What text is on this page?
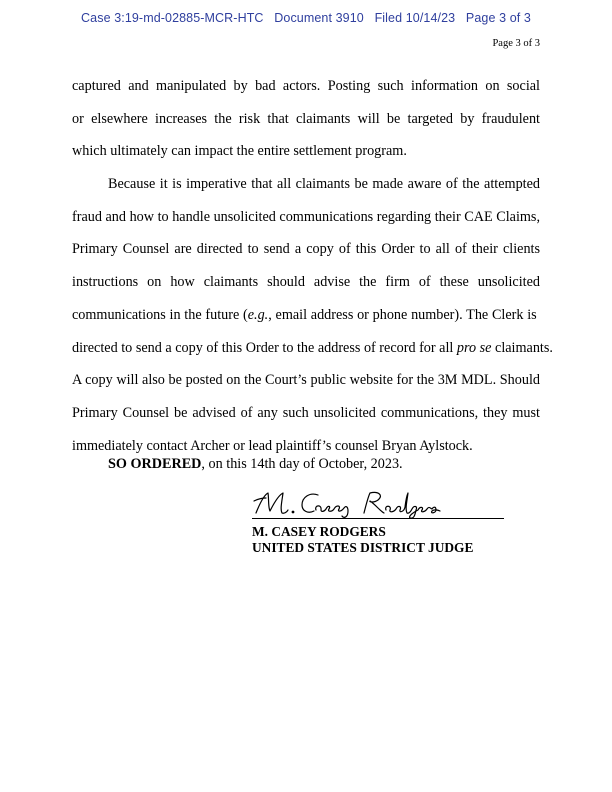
Case 3:19-md-02885-MCR-HTC Document 3910 Filed 10/14/23 Page 3 of 3
Page 3 of 3
captured and manipulated by bad actors. Posting such information on social
or elsewhere increases the risk that claimants will be targeted by fraudulent
which ultimately can impact the entire settlement program.
Because it is imperative that all claimants be made aware of the attempted
fraud and how to handle unsolicited communications regarding their CAE Claims,
Primary Counsel are directed to send a copy of this Order to all of their clients
instructions on how claimants should advise the firm of these unsolicited
communications in the future (e.g., email address or phone number). The Clerk is
directed to send a copy of this Order to the address of record for all pro se claimants.
A copy will also be posted on the Court’s public website for the 3M MDL. Should
Primary Counsel be advised of any such unsolicited communications, they must
immediately contact Archer or lead plaintiff’s counsel Bryan Aylstock.
SO ORDERED, on this 14th day of October, 2023.
M. CASEY RODGERS
UNITED STATES DISTRICT JUDGE
